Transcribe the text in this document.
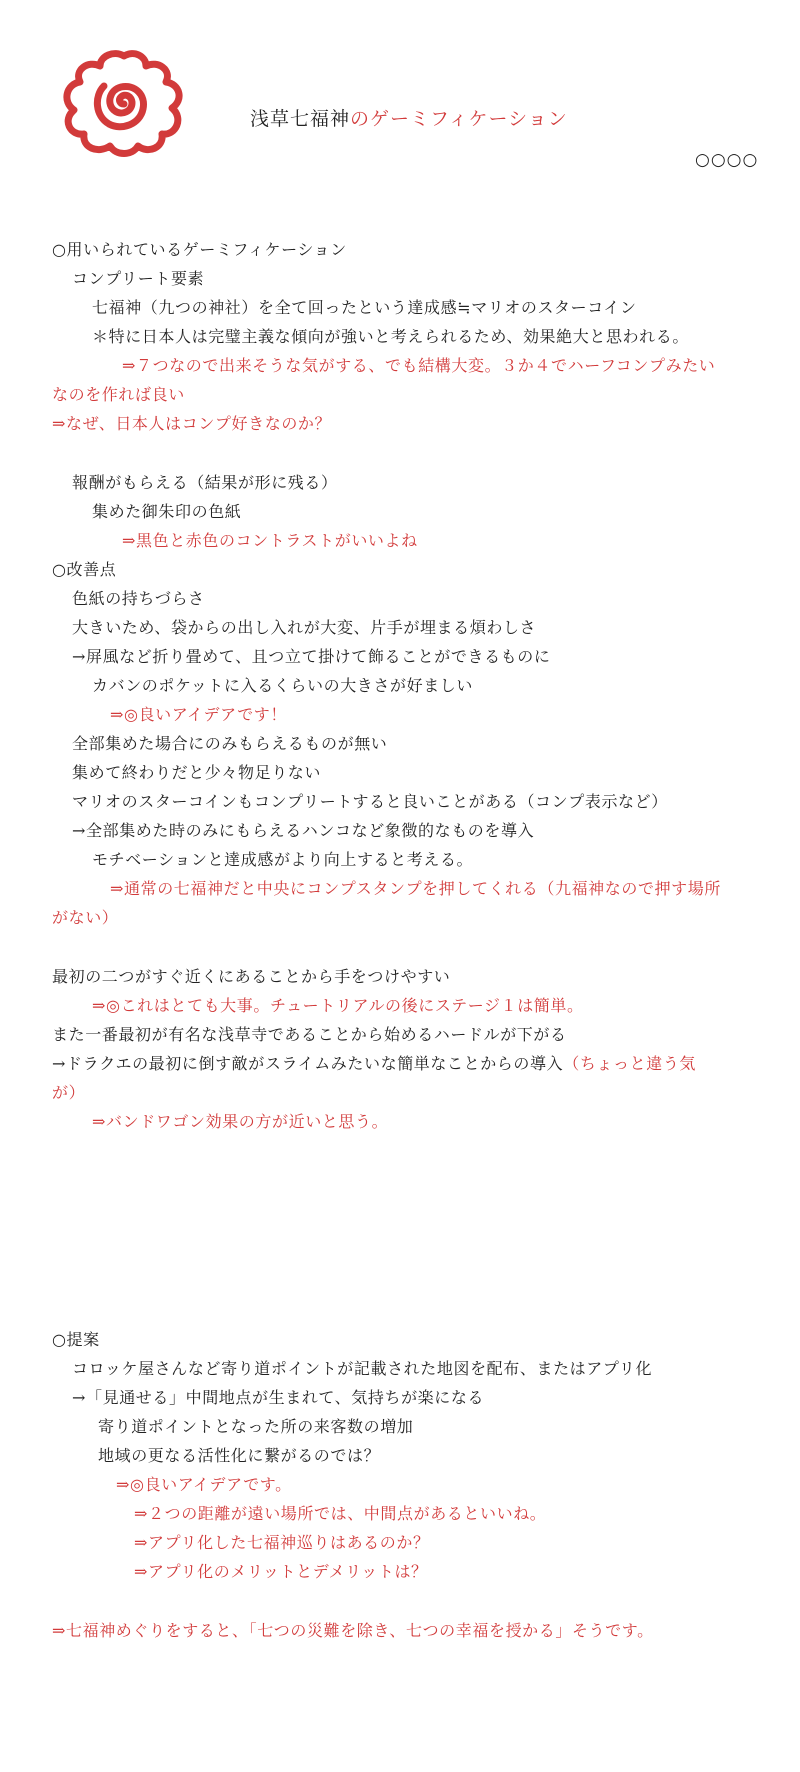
浅草七福神のゲーミフィケーション
○○○○
○用いられているゲーミフィケーション
コンプリート要素
七福神（九つの神社）を全て回ったという達成感≒マリオのスターコイン
＊特に日本人は完璧主義な傾向が強いと考えられるため、効果絶大と思われる。
⇒７つなので出来そうな気がする、でも結構大変。３か４でハーフコンプみたい
なのを作れば良い
⇒なぜ、日本人はコンプ好きなのか？
報酬がもらえる（結果が形に残る）
集めた御朱印の色紙
⇒黒色と赤色のコントラストがいいよね
○改善点
色紙の持ちづらさ
大きいため、袋からの出し入れが大変、片手が埋まる煩わしさ
→屏風など折り畳めて、且つ立て掛けて飾ることができるものに
カバンのポケットに入るくらいの大きさが好ましい
⇒◎良いアイデアです！
全部集めた場合にのみもらえるものが無い
集めて終わりだと少々物足りない
マリオのスターコインもコンプリートすると良いことがある（コンプ表示など）
→全部集めた時のみにもらえるハンコなど象徴的なものを導入
モチベーションと達成感がより向上すると考える。
⇒通常の七福神だと中央にコンプスタンプを押してくれる（九福神なので押す場所
がない）
最初の二つがすぐ近くにあることから手をつけやすい
⇒◎これはとても大事。チュートリアルの後にステージ１は簡単。
また一番最初が有名な浅草寺であることから始めるハードルが下がる
→ドラクエの最初に倒す敵がスライムみたいな簡単なことからの導入（ちょっと違う気
が）
⇒バンドワゴン効果の方が近いと思う。
○提案
コロッケ屋さんなど寄り道ポイントが記載された地図を配布、またはアプリ化
→「見通せる」中間地点が生まれて、気持ちが楽になる
寄り道ポイントとなった所の来客数の増加
地域の更なる活性化に繋がるのでは？
⇒◎良いアイデアです。
⇒２つの距離が遠い場所では、中間点があるといいね。
⇒アプリ化した七福神巡りはあるのか？
⇒アプリ化のメリットとデメリットは？
⇒七福神めぐりをすると、「七つの災難を除き、七つの幸福を授かる」そうです。
